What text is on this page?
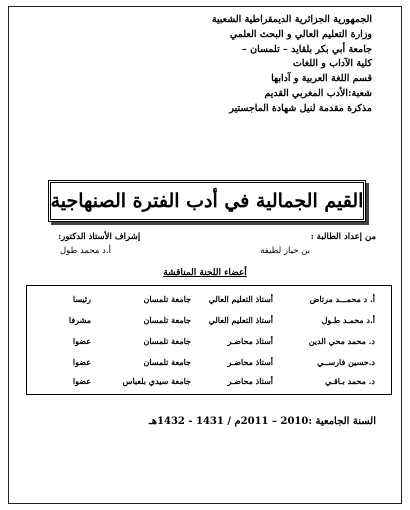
الجمهورية الجزائرية الديمقراطية الشعبية
وزارة التعليم العالي و البحث العلمي
جامعة أبي بكر بلقايد – تلمسان –
كلية الآداب و اللغات
قسم اللغة العربية و آدابها
شعبة:الأدب المغربي القديم
مذكرة مقدمة لنيل شهادة الماجستير
القيم الجمالية في أدب الفترة الصنهاجية
من إعداد الطالبة :
إشراف الأستاذ الدكتور:
بن حيار لطيفة
أ.د محمد طول
أعضاء اللجنة المناقشة
أ. د محمـــد مرتاض
أستاذ التعليم العالي
جامعة تلمسان
رئيسا
أ.د محمـد طـول
أستاذ التعليم العالي
جامعة تلمسان
مشرفا
د. محمد محي الدين
أستاذ محاضـر
جامعة تلمسان
عضوا
د.حسين فارســي
أستاذ محاضـر
جامعة تلمسان
عضوا
د. محمد بـاقـي
أستاذ محاضـر
جامعة سيدي بلعباس
عضوا
السنة الجامعية :2010 – 2011م / 1431 - 1432هـ
